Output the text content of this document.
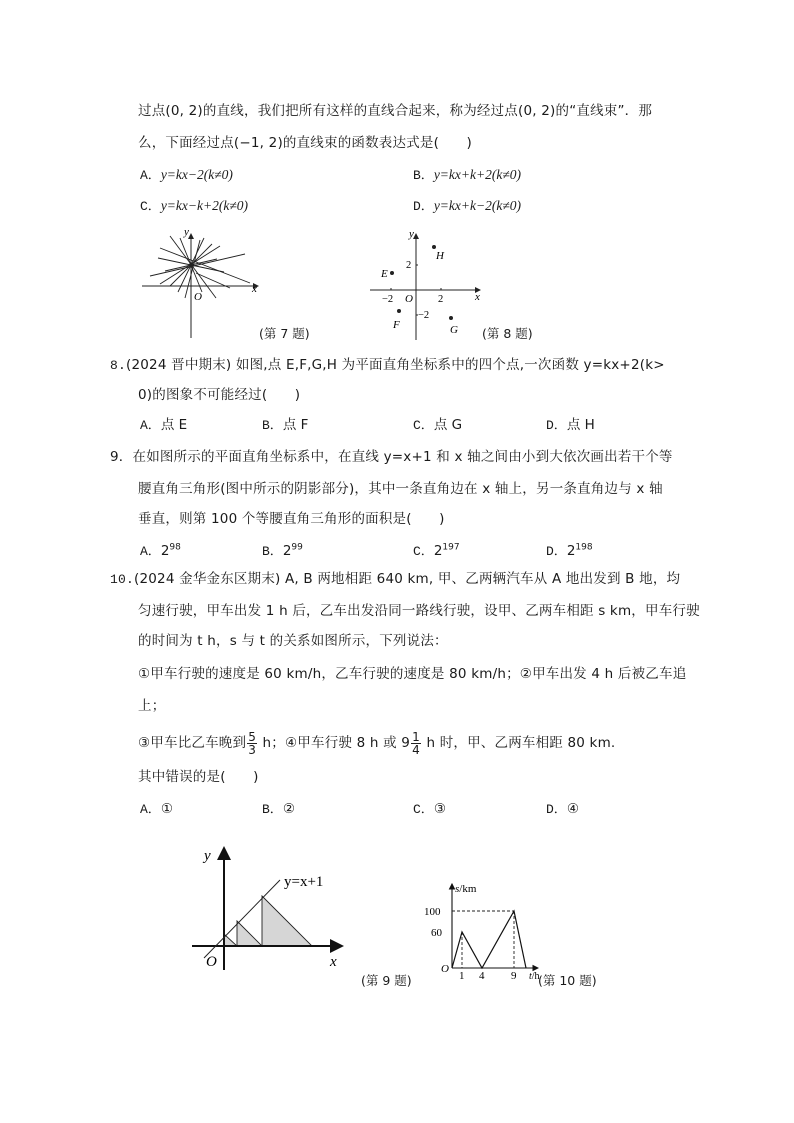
过点(0, 2)的直线，我们把所有这样的直线合起来，称为经过点(0, 2)的“直线束”．那
么，下面经过点(−1, 2)的直线束的函数表达式是(　　)
A．y=kx−2(k≠0)	B．y=kx+k+2(k≠0)
C．y=kx−k+2(k≠0)	D．y=kx+k−2(k≠0)
y
x
O
(第 7 题)
y
x
O
E
F	G
H
−2	2
2
−2
(第 8 题)
8.(2024 晋中期末) 如图,点 E,F,G,H 为平面直角坐标系中的四个点,一次函数 y=kx+2(k>
0)的图象不可能经过(　　)
A．点 E	B．点 F	C．点 G	D．点 H
9．在如图所示的平面直角坐标系中，在直线 y=x+1 和 x 轴之间由小到大依次画出若干个等
腰直角三角形(图中所示的阴影部分)，其中一条直角边在 x 轴上，另一条直角边与 x 轴
垂直，则第 100 个等腰直角三角形的面积是(　　)
A．$2^{98}$	B．$2^{99}$	C．$2^{197}$	D．$2^{198}$
10.(2024 金华金东区期末) A, B 两地相距 640 km, 甲、乙两辆汽车从 A 地出发到 B 地，均
匀速行驶，甲车出发 1 h 后，乙车出发沿同一路线行驶，设甲、乙两车相距 s km，甲车行驶
的时间为 t h，s 与 t 的关系如图所示，下列说法：
①甲车行驶的速度是 60 km/h，乙车行驶的速度是 80 km/h；②甲车出发 4 h 后被乙车追
上；
③甲车比乙车晚到 $\frac{5}{3}$ h；④甲车行驶 8 h 或 $9 \frac{1}{4}$ h 时，甲、乙两车相距 80 km.
其中错误的是(　　)
A．①	B．②	C．③	D．④
y
x
O
y=x+1
(第 9 题)
s/km
100
60
O
1 4 9 t/h
(第 10 题)
